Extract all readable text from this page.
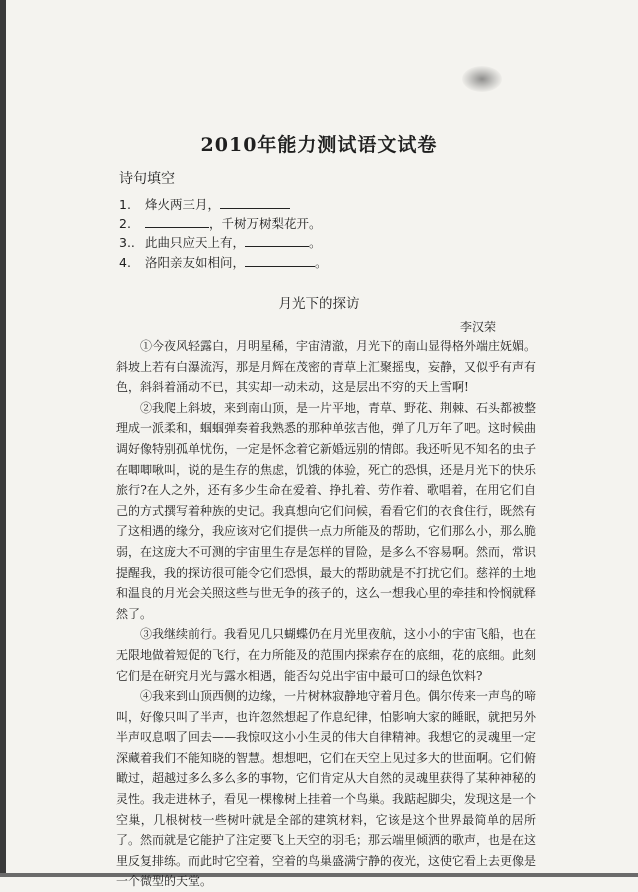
2010年能力测试语文试卷
诗句填空
1. 烽火两三月，
2.	，千树万树梨花开。
3.. 此曲只应天上有，	。
4. 洛阳亲友如相问，	。
月光下的探访
李汉荣

①今夜风轻露白，月明星稀，宇宙清澈，月光下的南山显得格外端庄妩媚。斜坡上若有白瀑流泻，那是月辉在茂密的青草上汇聚摇曳，妄静，又似乎有声有色，斜斜着涌动不已，其实却一动未动，这是层出不穷的天上雪啊!

②我爬上斜坡，来到南山顶，是一片平地，青草、野花、荆棘、石头都被整理成一派柔和，蝈蝈弹奏着我熟悉的那种单弦吉他，弹了几万年了吧。这时候曲调好像特别孤单忧伤，一定是怀念着它新婚远别的情郎。我还听见不知名的虫子在唧唧啾叫，说的是生存的焦虑，饥饿的体验，死亡的恐惧，还是月光下的快乐旅行?在人之外，还有多少生命在爱着、挣扎着、劳作着、歌唱着，在用它们自己的方式撰写着种族的史记。我真想向它们问候，看看它们的衣食住行，既然有了这相遇的缘分，我应该对它们提供一点力所能及的帮助，它们那么小，那么脆弱，在这庞大不可测的宇宙里生存是怎样的冒险，是多么不容易啊。然而，常识提醒我，我的探访很可能令它们恐惧，最大的帮助就是不打扰它们。慈祥的土地和温良的月光会关照这些与世无争的孩子的，这么一想我心里的牵挂和怜悯就释然了。

③我继续前行。我看见几只蝴蝶仍在月光里夜航，这小小的宇宙飞船，也在无限地做着短促的飞行，在力所能及的范围内探索存在的底细，花的底细。此刻它们是在研究月光与露水相遇，能否勾兑出宇宙中最可口的绿色饮料?

④我来到山顶西侧的边缘，一片树林寂静地守着月色。偶尔传来一声鸟的啼叫，好像只叫了半声，也许忽然想起了作息纪律，怕影响大家的睡眠，就把另外半声叹息咽了回去——我惊叹这小小生灵的伟大自律精神。我想它的灵魂里一定深藏着我们不能知晓的智慧。想想吧，它们在天空上见过多大的世面啊。它们俯瞰过，超越过多么多么多的事物，它们肯定从大自然的灵魂里获得了某种神秘的灵性。我走进林子，看见一棵橡树上挂着一个鸟巢。我踮起脚尖，发现这是一个空巢，几根树枝一些树叶就是全部的建筑材料，它该是这个世界最简单的居所了。然而就是它能护了注定要飞上天空的羽毛；那云端里倾洒的歌声，也是在这里反复排练。而此时它空着，空着的鸟巢盛满宁静的夜光，这使它看上去更像是一个微型的天堂。
